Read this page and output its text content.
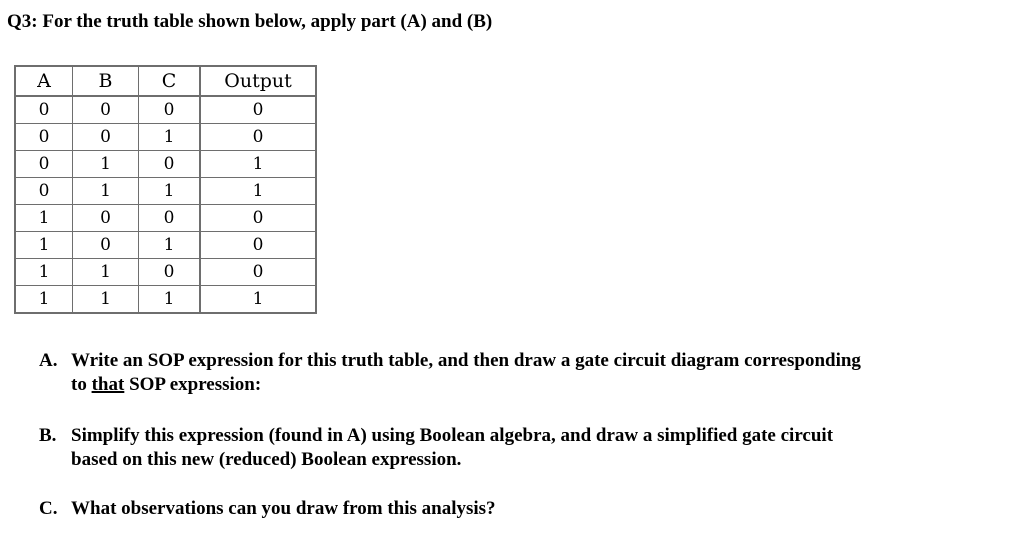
Q3: For the truth table shown below, apply part (A) and (B)
A	B	C	Output
0	0	0	0
0	0	1	0
0	1	0	1
0	1	1	1
1	0	0	0
1	0	1	0
1	1	0	0
1	1	1	1
A. Write an SOP expression for this truth table, and then draw a gate circuit diagram corresponding
to that SOP expression:
B. Simplify this expression (found in A) using Boolean algebra, and draw a simplified gate circuit
based on this new (reduced) Boolean expression.
C. What observations can you draw from this analysis?
